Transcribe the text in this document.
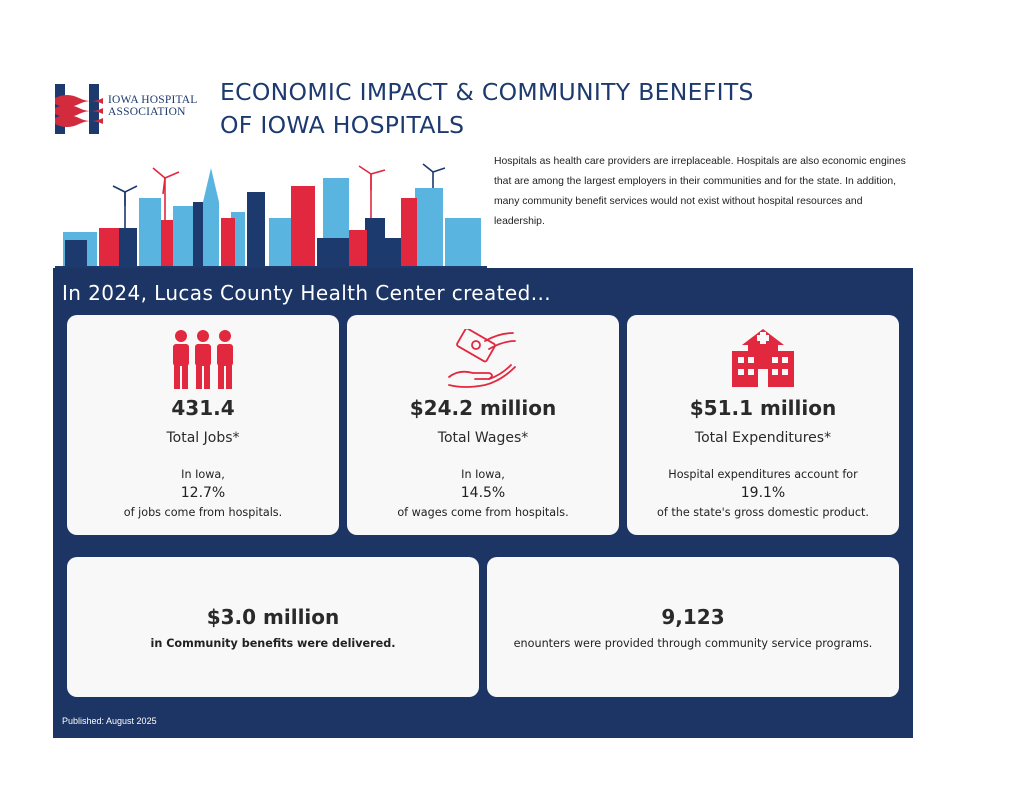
IOWA HOSPITAL
ASSOCIATION
ECONOMIC IMPACT & COMMUNITY BENEFITS
OF IOWA HOSPITALS

Hospitals as health care providers are irreplaceable. Hospitals are also economic engines that are among the largest employers in their communities and for the state. In addition, many community benefit services would not exist without hospital resources and leadership.

In 2024, Lucas County Health Center created...
431.4
Total Jobs*
In Iowa,
12.7%
of jobs come from hospitals.
$24.2 million
Total Wages*
In Iowa,
14.5%
of wages come from hospitals.
$51.1 million
Total Expenditures*
Hospital expenditures account for
19.1%
of the state's gross domestic product.
$3.0 million
in Community benefits were delivered.
9,123
enounters were provided through community service programs.
Published: August 2025
